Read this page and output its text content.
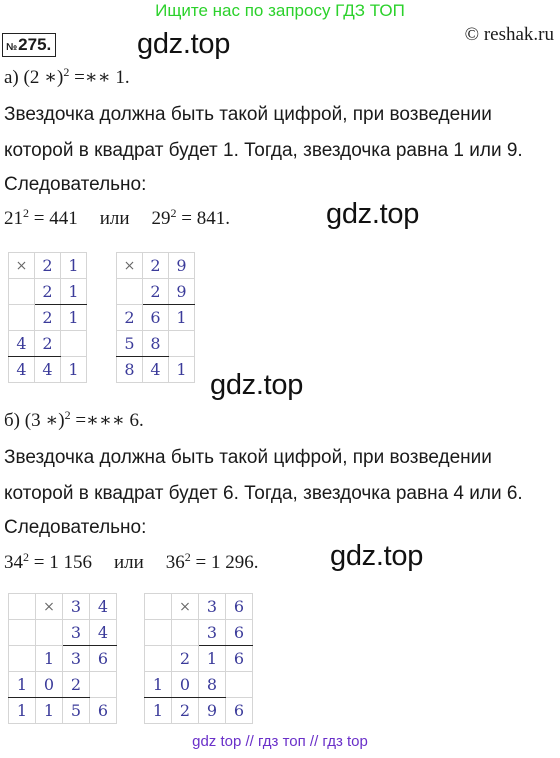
Ищите нас по запросу ГДЗ ТОП
№275.	gdz.top	© reshak.ru
а) (2 ∗)$^2$ =∗∗ 1.
Звездочка должна быть такой цифрой, при возведении
которой в квадрат будет 1. Тогда, звездочка равна 1 или 9.
Следовательно:
$21^2 = 441$ или $29^2 = 841$.	gdz.top
×	2	1
	2	1
	2	1
4	2	
4	4	1
×	2	9
	2	9
2	6	1
5	8	
8	4	1 gdz.top
б) (3 ∗)$^2$ =∗∗∗ 6.
Звездочка должна быть такой цифрой, при возведении
которой в квадрат будет 6. Тогда, звездочка равна 4 или 6.
Следовательно:
$34^2 = 1$ 156 или $36^2 = 1$ 296. gdz.top
	×	3	4
		3	4
	1	3	6
1	0	2	
1	1	5	6
	×	3	6
		3	6
	2	1	6
1	0	8	
1	2	9	6
gdz top // гдз топ // гдз top
